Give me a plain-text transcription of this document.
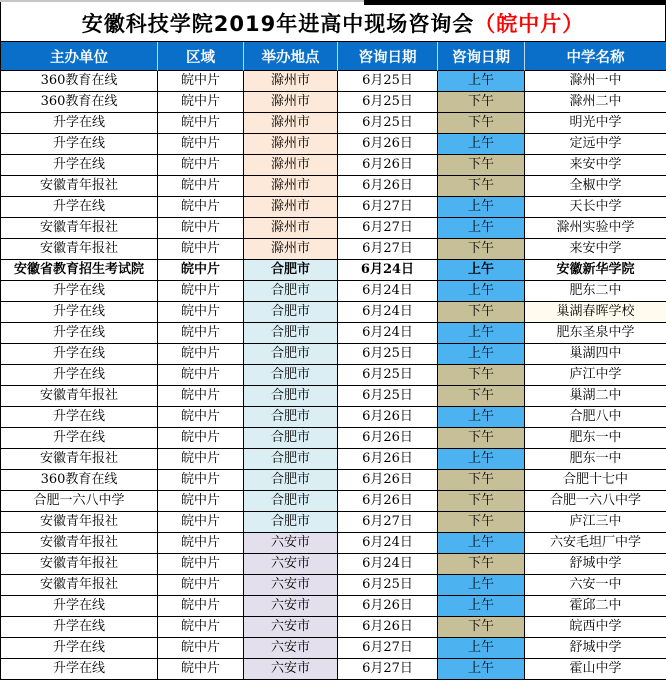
安徽科技学院2019年进高中现场咨询会 （皖中片）
主办单位	区域	举办地点	咨询日期	咨询日期	中学名称
360教育在线	皖中片	滁州市	6月25日	上午	滁州一中
360教育在线	皖中片	滁州市	6月25日	下午	滁州二中
升学在线	皖中片	滁州市	6月25日	下午	明光中学
升学在线	皖中片	滁州市	6月26日	上午	定远中学
升学在线	皖中片	滁州市	6月26日	下午	来安中学
安徽青年报社	皖中片	滁州市	6月26日	下午	全椒中学
升学在线	皖中片	滁州市	6月27日	上午	天长中学
安徽青年报社	皖中片	滁州市	6月27日	上午	滁州实验中学
安徽青年报社	皖中片	滁州市	6月27日	下午	来安中学
安徽省教育招生考试院	皖中片	合肥市	6月24日	上午	安徽新华学院
升学在线	皖中片	合肥市	6月24日	上午	肥东二中
升学在线	皖中片	合肥市	6月24日	下午	巢湖春晖学校
升学在线	皖中片	合肥市	6月24日	上午	肥东圣泉中学
升学在线	皖中片	合肥市	6月25日	上午	巢湖四中
升学在线	皖中片	合肥市	6月25日	下午	庐江中学
安徽青年报社	皖中片	合肥市	6月25日	下午	巢湖二中
升学在线	皖中片	合肥市	6月26日	上午	合肥八中
升学在线	皖中片	合肥市	6月26日	下午	肥东一中
安徽青年报社	皖中片	合肥市	6月26日	上午	肥东一中
360教育在线	皖中片	合肥市	6月26日	下午	合肥十七中
合肥一六八中学	皖中片	合肥市	6月26日	下午	合肥一六八中学
安徽青年报社	皖中片	合肥市	6月27日	下午	庐江三中
安徽青年报社	皖中片	六安市	6月24日	上午	六安毛坦厂中学
安徽青年报社	皖中片	六安市	6月24日	下午	舒城中学
安徽青年报社	皖中片	六安市	6月25日	上午	六安一中
升学在线	皖中片	六安市	6月26日	上午	霍邱二中
升学在线	皖中片	六安市	6月26日	下午	皖西中学
升学在线	皖中片	六安市	6月27日	上午	舒城中学
升学在线	皖中片	六安市	6月27日	上午	霍山中学
